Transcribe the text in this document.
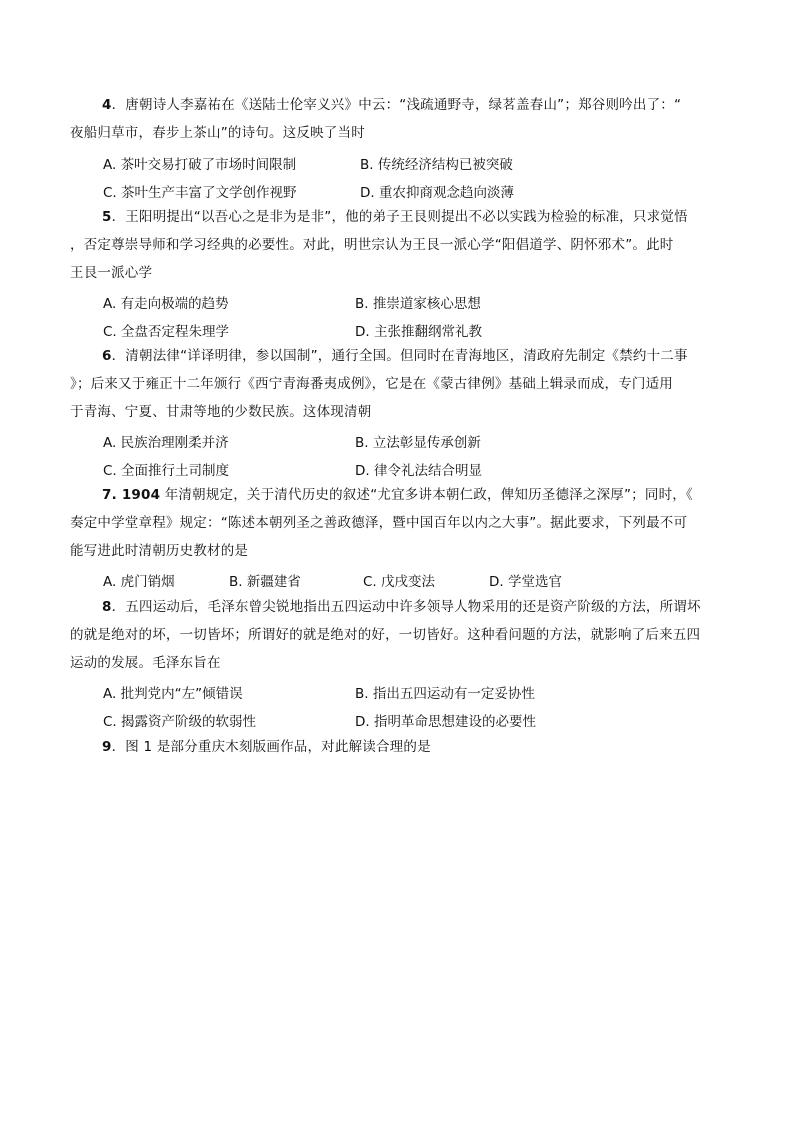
4．唐朝诗人李嘉祐在《送陆士伦宰义兴》中云：“浅疏通野寺，绿茗盖春山”；郑谷则吟出了：“
夜船归草市，春步上茶山”的诗句。这反映了当时
A. 茶叶交易打破了市场时间限制	B. 传统经济结构已被突破
C. 茶叶生产丰富了文学创作视野	D. 重农抑商观念趋向淡薄
5．王阳明提出“以吾心之是非为是非”，他的弟子王艮则提出不必以实践为检验的标准，只求觉悟
，否定尊崇导师和学习经典的必要性。对此，明世宗认为王艮一派心学“阳倡道学、阴怀邪术”。此时
王艮一派心学
A. 有走向极端的趋势	B. 推崇道家核心思想
C. 全盘否定程朱理学	D. 主张推翻纲常礼教
6．清朝法律“详译明律，参以国制”，通行全国。但同时在青海地区，清政府先制定《禁约十二事
》；后来又于雍正十二年颁行《西宁青海番夷成例》，它是在《蒙古律例》基础上辑录而成，专门适用
于青海、宁夏、甘肃等地的少数民族。这体现清朝
A. 民族治理刚柔并济	B. 立法彰显传承创新
C. 全面推行土司制度	D. 律令礼法结合明显
7. 1904 年清朝规定，关于清代历史的叙述“尤宜多讲本朝仁政，俾知历圣德泽之深厚”；同时，《
奏定中学堂章程》规定：“陈述本朝列圣之善政德泽，暨中国百年以内之大事”。据此要求，下列最不可
能写进此时清朝历史教材的是
A. 虎门销烟	B. 新疆建省	C. 戊戌变法	D. 学堂选官
8．五四运动后，毛泽东曾尖锐地指出五四运动中许多领导人物采用的还是资产阶级的方法，所谓坏
的就是绝对的坏，一切皆坏；所谓好的就是绝对的好，一切皆好。这种看问题的方法，就影响了后来五四
运动的发展。毛泽东旨在
A. 批判党内“左”倾错误	B. 指出五四运动有一定妥协性
C. 揭露资产阶级的软弱性	D. 指明革命思想建设的必要性
9．图 1 是部分重庆木刻版画作品，对此解读合理的是
